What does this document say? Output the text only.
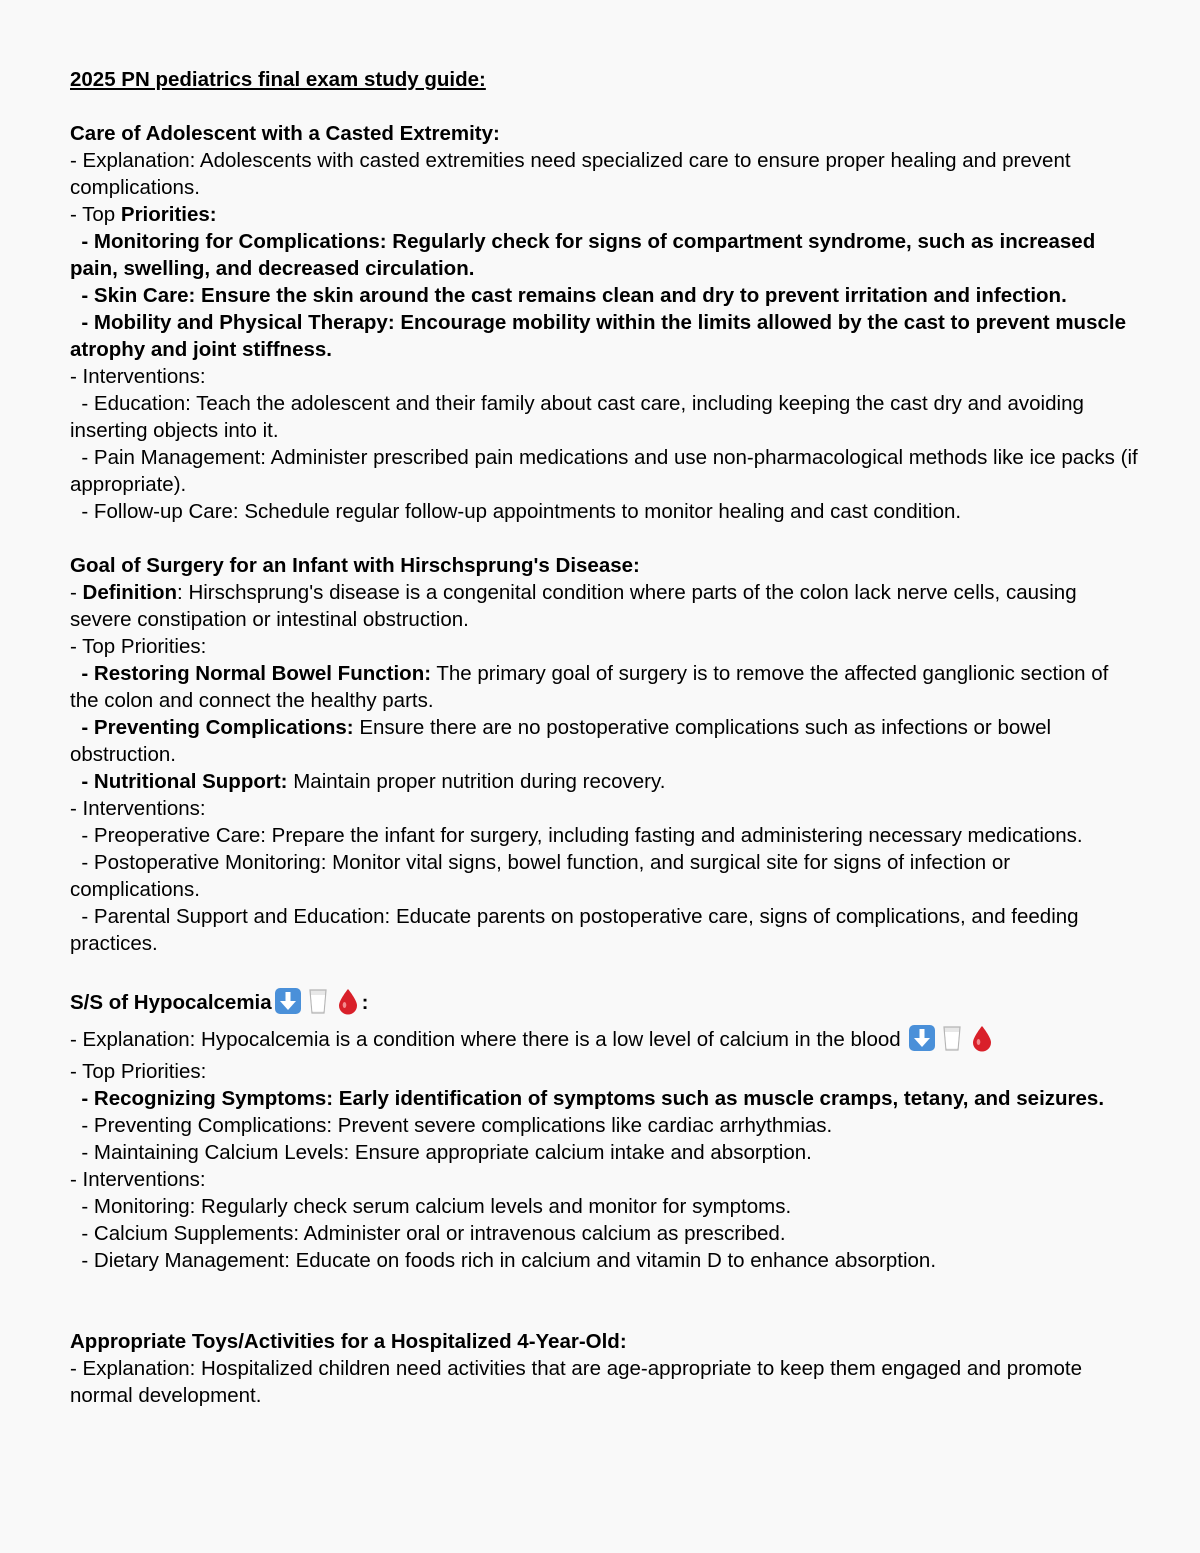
2025 PN pediatrics final exam study guide:
Care of Adolescent with a Casted Extremity:
- Explanation: Adolescents with casted extremities need specialized care to ensure proper healing and prevent complications.
- Top Priorities:
- Monitoring for Complications: Regularly check for signs of compartment syndrome, such as increased pain, swelling, and decreased circulation.
- Skin Care: Ensure the skin around the cast remains clean and dry to prevent irritation and infection.
- Mobility and Physical Therapy: Encourage mobility within the limits allowed by the cast to prevent muscle atrophy and joint stiffness.
- Interventions:
- Education: Teach the adolescent and their family about cast care, including keeping the cast dry and avoiding inserting objects into it.
- Pain Management: Administer prescribed pain medications and use non-pharmacological methods like ice packs (if appropriate).
- Follow-up Care: Schedule regular follow-up appointments to monitor healing and cast condition.
Goal of Surgery for an Infant with Hirschsprung's Disease:
- Definition: Hirschsprung's disease is a congenital condition where parts of the colon lack nerve cells, causing severe constipation or intestinal obstruction.
- Top Priorities:
- Restoring Normal Bowel Function: The primary goal of surgery is to remove the affected ganglionic section of the colon and connect the healthy parts.
- Preventing Complications: Ensure there are no postoperative complications such as infections or bowel obstruction.
- Nutritional Support: Maintain proper nutrition during recovery.
- Interventions:
- Preoperative Care: Prepare the infant for surgery, including fasting and administering necessary medications.
- Postoperative Monitoring: Monitor vital signs, bowel function, and surgical site for signs of infection or complications.
- Parental Support and Education: Educate parents on postoperative care, signs of complications, and feeding practices.
S/S of Hypocalcemia	:
- Explanation: Hypocalcemia is a condition where there is a low level of calcium in the blood
- Top Priorities:
- Recognizing Symptoms: Early identification of symptoms such as muscle cramps, tetany, and seizures.
- Preventing Complications: Prevent severe complications like cardiac arrhythmias.
- Maintaining Calcium Levels: Ensure appropriate calcium intake and absorption.
- Interventions:
- Monitoring: Regularly check serum calcium levels and monitor for symptoms.
- Calcium Supplements: Administer oral or intravenous calcium as prescribed.
- Dietary Management: Educate on foods rich in calcium and vitamin D to enhance absorption.
Appropriate Toys/Activities for a Hospitalized 4-Year-Old:
- Explanation: Hospitalized children need activities that are age-appropriate to keep them engaged and promote normal development.
